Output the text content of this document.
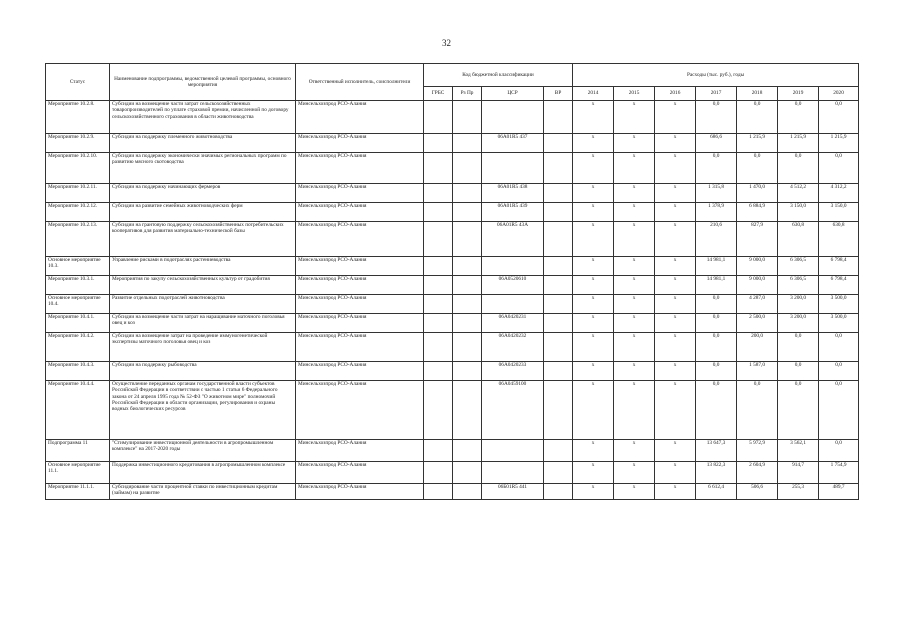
32
Статус	Наименование подпрограммы, ведомственной целевой программы, основного мероприятия	Ответственный исполнитель, соисполнители	Код бюджетной классификации				Расходы (тыс. руб.), годы						
			ГРБС	Рз Пр	ЦСР	ВР	2014	2015	2016	2017	2018	2019	2020
Мероприятие 10.2.8.	Субсидии на возмещение части затрат сельскохозяйственных товаропроизводителей по уплате страховой премии, начисленной по договору сельскохозяйственного страхования в области животноводства	Минсельхозпрод РСО-Алания					x	x	x	0,0	0,0	0,0	0,0
Мероприятие 10.2.9.	Субсидии на поддержку племенного животноводства	Минсельхозпрод РСО-Алания			06А01R5 437		x	x	x	686,6	1 215,9	1 215,9	1 215,9
Мероприятие 10.2.10.	Субсидии на поддержку экономически значимых региональных программ по развитию мясного скотоводства	Минсельхозпрод РСО-Алания					x	x	x	0,0	0,0	0,0	0,0
Мероприятие 10.2.11.	Субсидии на поддержку начинающих фермеров	Минсельхозпрод РСО-Алания			06А01R5 438		x	x	x	1 315,8	1 470,0	4 512,2	4 312,2
Мероприятие 10.2.12.	Субсидии на развитие семейных животноводческих ферм	Минсельхозпрод РСО-Алания			06А01R5 439		x	x	x	1 378,9	6 884,9	3 150,0	3 150,0
Мероприятие 10.2.13.	Субсидии на грантовую поддержку сельскохозяйственных потребительских кооперативов для развития материально-технической базы	Минсельхозпрод РСО-Алания			06А01R5 43А		x	x	x	210,6	827,9	630,8	630,8
Основное мероприятие 10.3.	Управление рисками в подотраслях растениеводства	Минсельхозпрод РСО-Алания					x	x	x	14 981,1	9 000,0	6 306,5	6 798,4
Мероприятие 10.3.1.	Мероприятия по закупу сельскохозяйственных культур от градобития	Минсельхозпрод РСО-Алания			06А0520610		x	x	x	14 981,1	9 000,0	6 306,5	6 798,4
Основное мероприятие 10.4.	Развитие отдельных подотраслей животноводства	Минсельхозпрод РСО-Алания					x	x	x	0,0	4 287,0	3 200,0	3 500,0
Мероприятие 10.4.1.	Субсидии на возмещение части затрат на наращивание маточного поголовья овец и коз	Минсельхозпрод РСО-Алания			06А0420231		x	x	x	0,0	2 500,0	3 200,0	3 500,0
Мероприятие 10.4.2.	Субсидии на возмещение затрат на проведение иммуногенетической экспертизы маточного поголовья овец и коз	Минсельхозпрод РСО-Алания			06А0420232		x	x	x	0,0	200,0	0,0	0,0
Мероприятие 10.4.3.	Субсидии на поддержку рыбоводства	Минсельхозпрод РСО-Алания			06А0420233		x	x	x	0,0	1 587,0	0,0	0,0
Мероприятие 10.4.4.	Осуществление переданных органам государственной власти субъектов Российской Федерации в соответствии с частью 1 статьи 6 Федерального закона от 24 апреля 1995 года № 52-ФЗ "О животном мире" полномочий Российской Федерации в области организации, регулирования и охраны водных биологических ресурсов	Минсельхозпрод РСО-Алания			06А0459100		x	x	x	0,0	0,0	0,0	0,0
Подпрограмма 11	"Стимулирование инвестиционной деятельности в агропромышленном комплексе" на 2017-2020 годы	Минсельхозпрод РСО-Алания					x	x	x	13 647,3	5 972,9	3 562,1	0,0
Основное мероприятие 11.1.	Поддержка инвестиционного кредитования в агропромышленном комплексе	Минсельхозпрод РСО-Алания					x	x	x	13 822,3	2 604,9	914,7	1 754,9
Мероприятие 11.1.1.	Субсидирование части процентной ставки по инвестиционным кредитам (займам) на развитие	Минсельхозпрод РСО-Алания			06Б01R5 441		x	x	x	6 612,4	506,6	255,3	489,7
